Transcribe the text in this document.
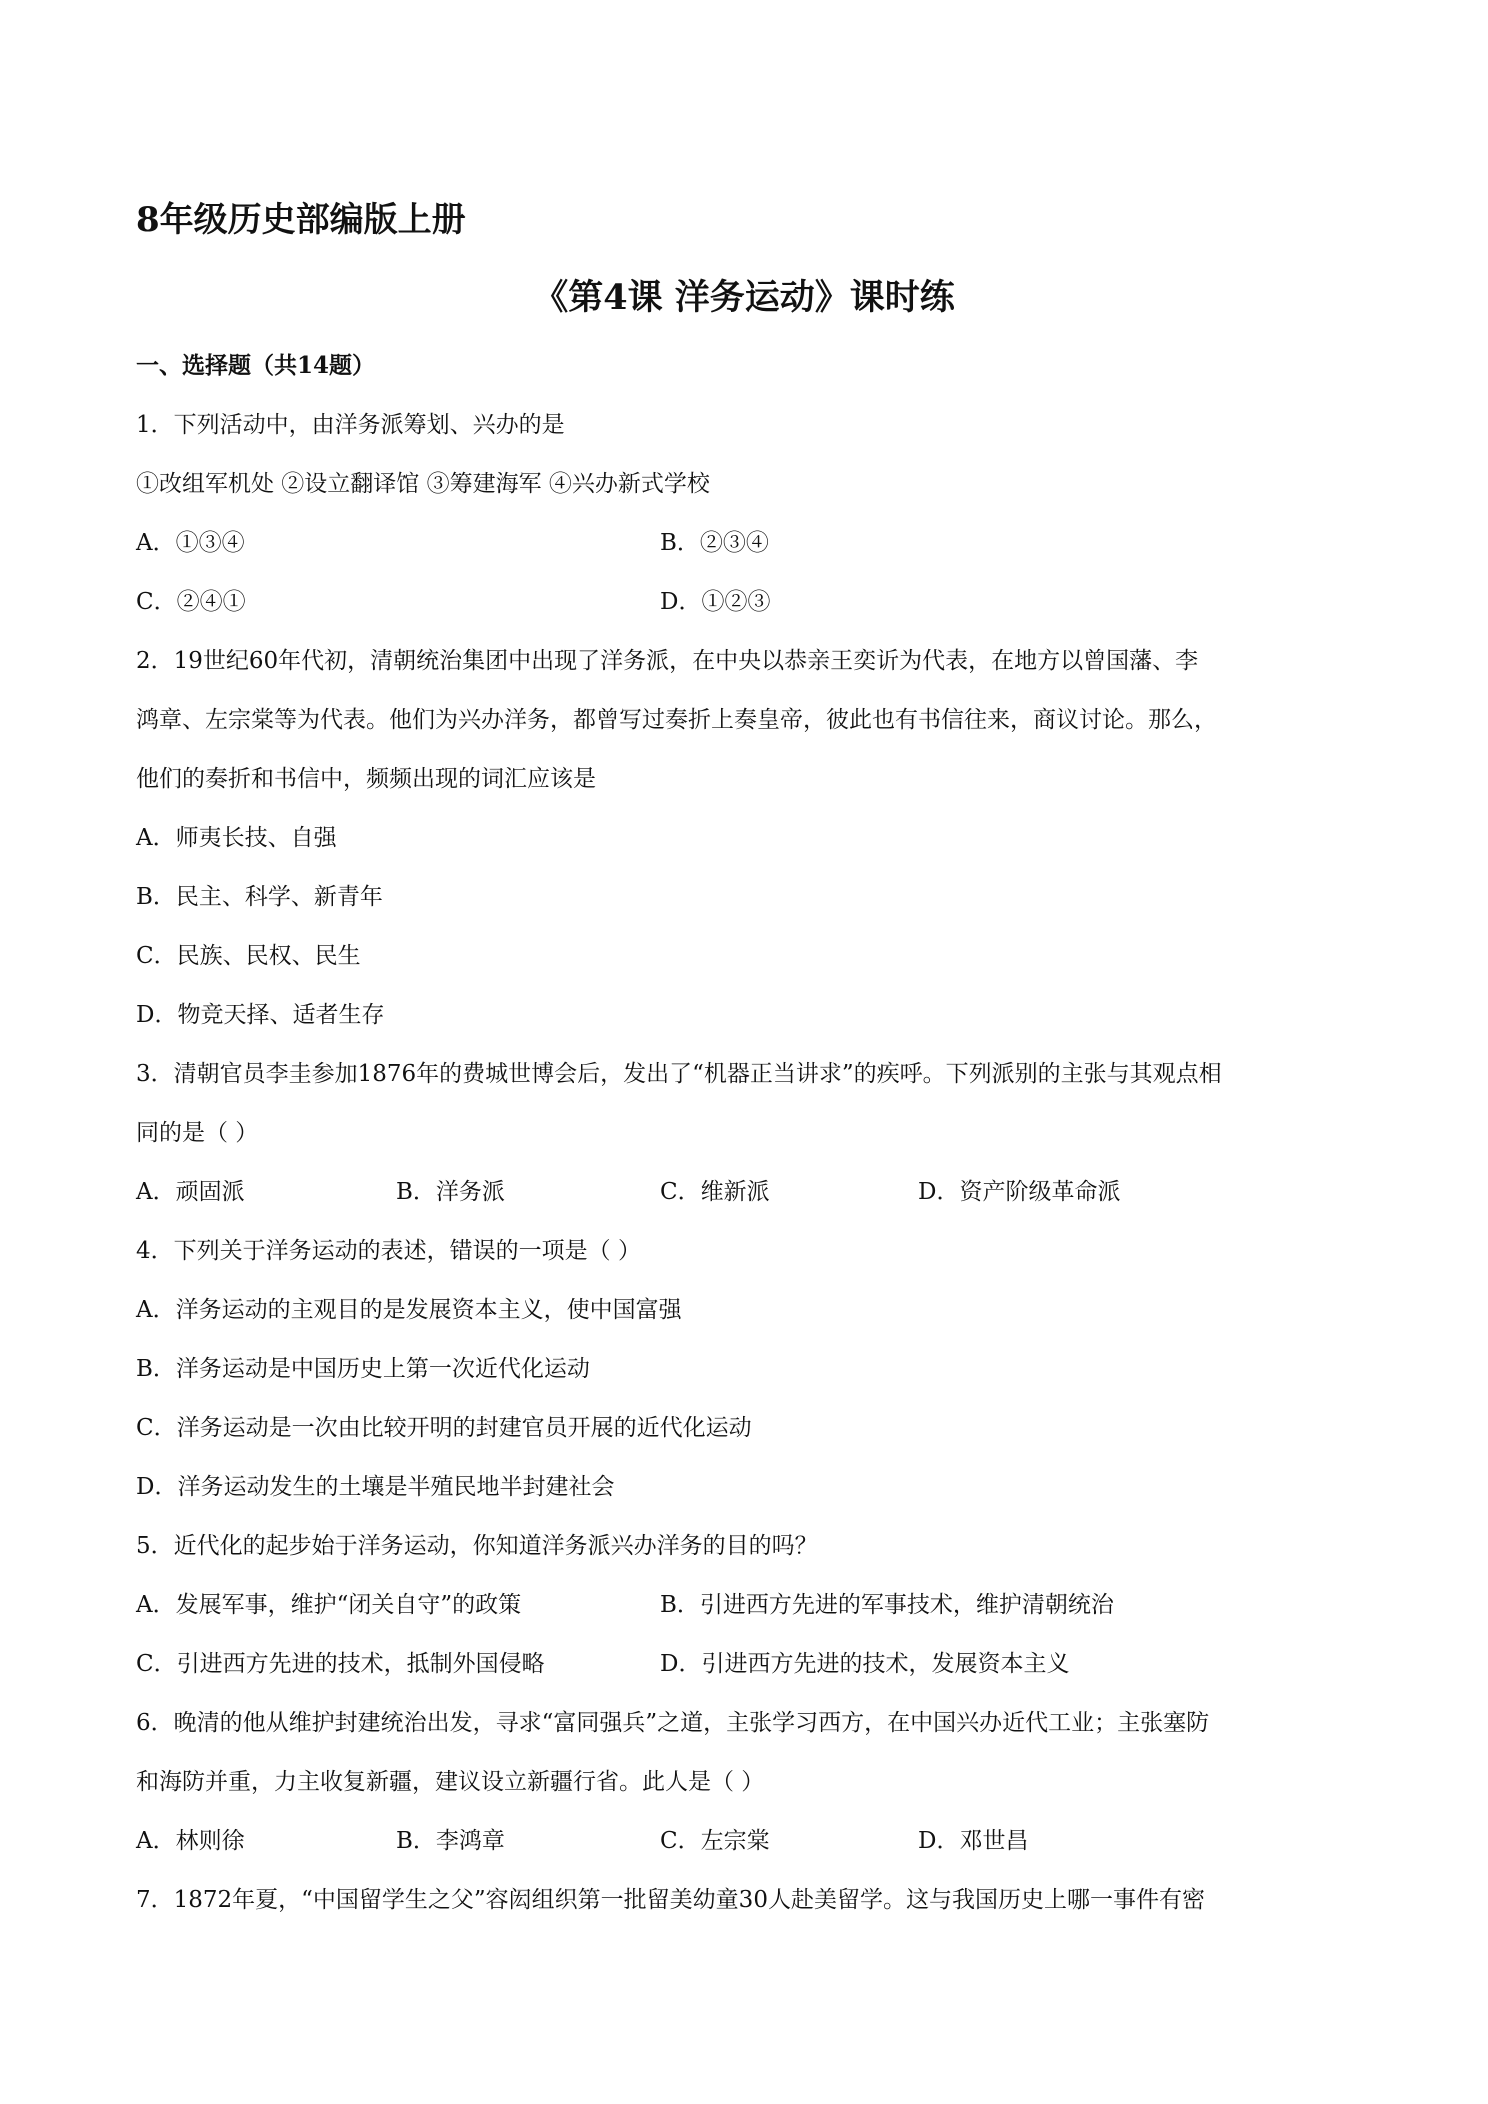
8年级历史部编版上册
《第4课 洋务运动》课时练
一、选择题（共14题）
1．下列活动中，由洋务派筹划、兴办的是
①改组军机处 ②设立翻译馆 ③筹建海军 ④兴办新式学校
A．①③④	B．②③④
C．②④①	D．①②③
2．19世纪60年代初，清朝统治集团中出现了洋务派，在中央以恭亲王奕䜣为代表，在地方以曾国藩、李
鸿章、左宗棠等为代表。他们为兴办洋务，都曾写过奏折上奏皇帝，彼此也有书信往来，商议讨论。那么，
他们的奏折和书信中，频频出现的词汇应该是
A．师夷长技、自强
B．民主、科学、新青年
C．民族、民权、民生
D．物竞天择、适者生存
3．清朝官员李圭参加1876年的费城世博会后，发出了“机器正当讲求”的疾呼。下列派别的主张与其观点相
同的是（ ）
A．顽固派	B．洋务派	C．维新派	D．资产阶级革命派
4．下列关于洋务运动的表述，错误的一项是（ ）
A．洋务运动的主观目的是发展资本主义，使中国富强
B．洋务运动是中国历史上第一次近代化运动
C．洋务运动是一次由比较开明的封建官员开展的近代化运动
D．洋务运动发生的土壤是半殖民地半封建社会
5．近代化的起步始于洋务运动，你知道洋务派兴办洋务的目的吗？
A．发展军事，维护“闭关自守”的政策	B．引进西方先进的军事技术，维护清朝统治
C．引进西方先进的技术，抵制外国侵略	D．引进西方先进的技术，发展资本主义
6．晚清的他从维护封建统治出发，寻求“富同强兵”之道，主张学习西方，在中国兴办近代工业；主张塞防
和海防并重，力主收复新疆，建议设立新疆行省。此人是（ ）
A．林则徐	B．李鸿章	C．左宗棠	D．邓世昌
7．1872年夏，“中国留学生之父”容闳组织第一批留美幼童30人赴美留学。这与我国历史上哪一事件有密
